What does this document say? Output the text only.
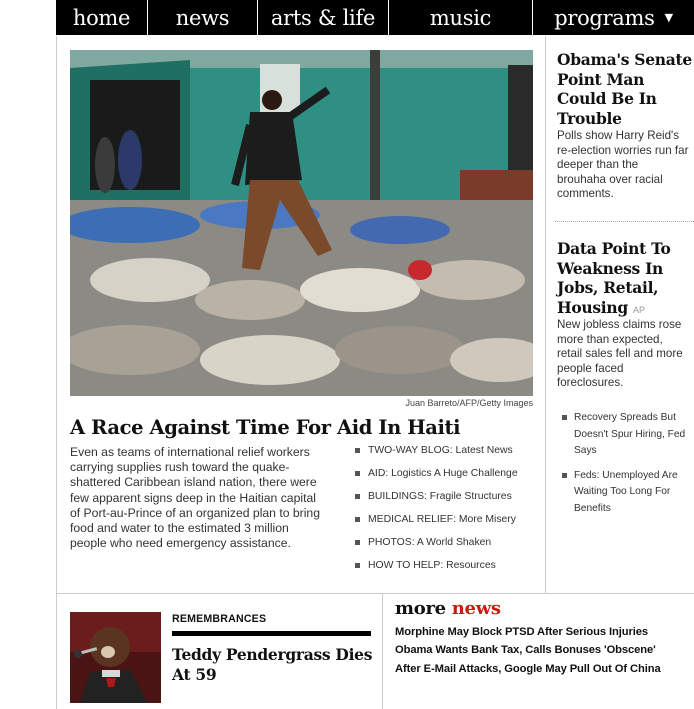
home news arts & life	music	programs ▼
Juan Barreto/AFP/Getty Images
A Race Against Time For Aid In Haiti
Even as teams of international relief workers carrying supplies rush toward the quake-shattered Caribbean island nation, there were few apparent signs deep in the Haitian capital of Port-au-Prince of an organized plan to bring food and water to the estimated 3 million people who need emergency assistance.
TWO-WAY BLOG: Latest News
AID: Logistics A Huge Challenge
BUILDINGS: Fragile Structures
MEDICAL RELIEF: More Misery
PHOTOS: A World Shaken
HOW TO HELP: Resources
Obama's Senate Point Man Could Be In Trouble
Polls show Harry Reid's re-election worries run far deeper than the brouhaha over racial comments.
Data Point To Weakness In Jobs, Retail, Housing AP
New jobless claims rose more than expected, retail sales fell and more people faced foreclosures.
Recovery Spreads But Doesn't Spur Hiring, Fed Says
Feds: Unemployed Are Waiting Too Long For Benefits
REMEMBRANCES
Teddy Pendergrass Dies At 59
more news
Morphine May Block PTSD After Serious Injuries
Obama Wants Bank Tax, Calls Bonuses 'Obscene'
After E-Mail Attacks, Google May Pull Out Of China
